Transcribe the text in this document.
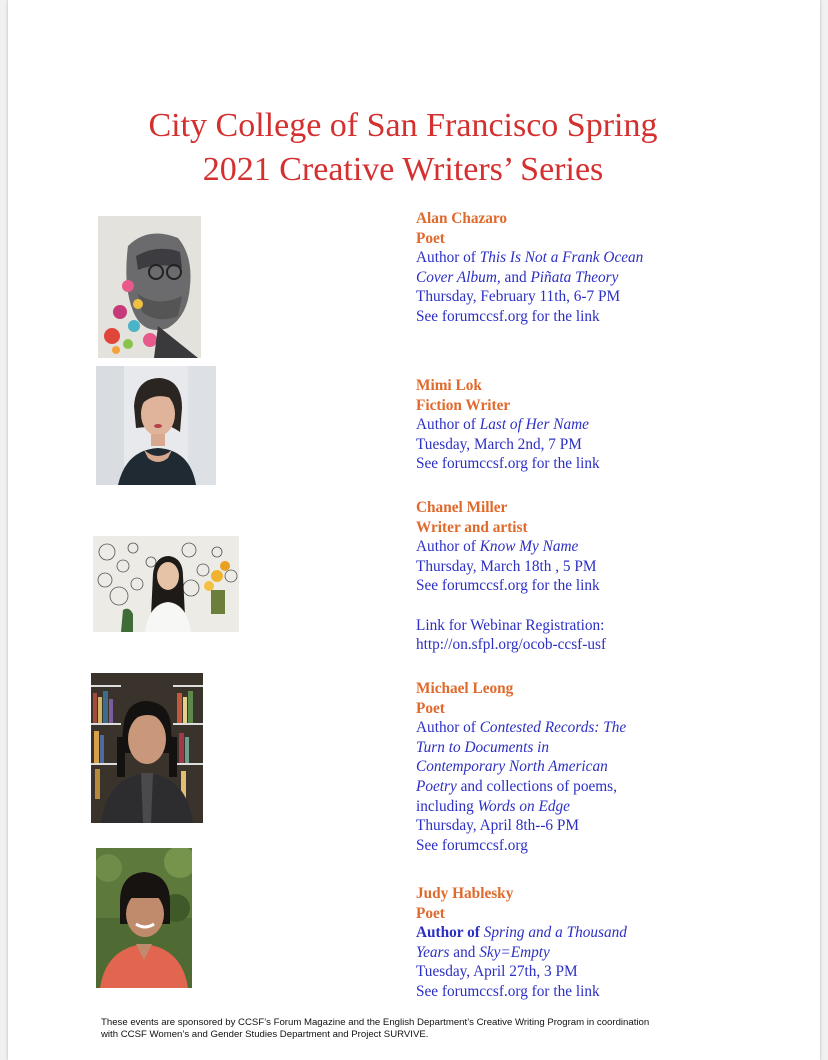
City College of San Francisco Spring
2021 Creative Writers’ Series
Alan Chazaro
Poet
Author of This Is Not a Frank Ocean
Cover Album, and Piñata Theory
Thursday, February 11th, 6-7 PM
See forumccsf.org for the link
Mimi Lok
Fiction Writer
Author of Last of Her Name
Tuesday, March 2nd, 7 PM
See forumccsf.org for the link
Chanel Miller
Writer and artist
Author of Know My Name
Thursday, March 18th , 5 PM
See forumccsf.org for the link
Link for Webinar Registration:
http://on.sfpl.org/ocob-ccsf-usf
Michael Leong
Poet
Author of Contested Records: The
Turn to Documents in
Contemporary North American
Poetry and collections of poems,
including Words on Edge
Thursday, April 8th--6 PM
See forumccsf.org
Judy Hablesky
Poet
Author of Spring and a Thousand
Years and Sky=Empty
Tuesday, April 27th, 3 PM
See forumccsf.org for the link
These events are sponsored by CCSF’s Forum Magazine and the English Department’s Creative Writing Program in coordination
with CCSF Women’s and Gender Studies Department and Project SURVIVE.
